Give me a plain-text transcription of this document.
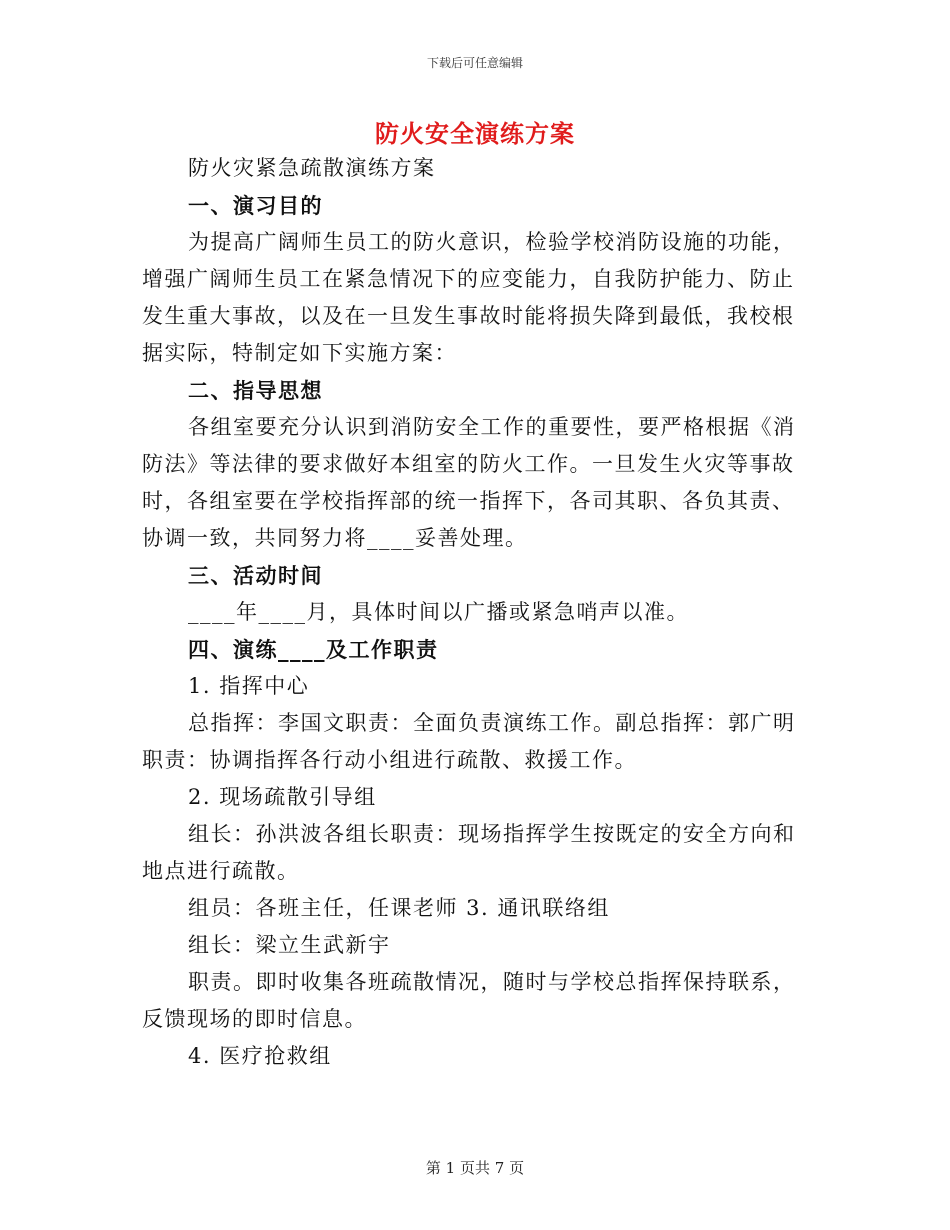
下载后可任意编辑
防火安全演练方案

防火灾紧急疏散演练方案

一、演习目的

为提高广阔师生员工的防火意识，检验学校消防设施的功能，增强广阔师生员工在紧急情况下的应变能力，自我防护能力、防止发生重大事故，以及在一旦发生事故时能将损失降到最低，我校根据实际，特制定如下实施方案：

二、指导思想

各组室要充分认识到消防安全工作的重要性，要严格根据《消防法》等法律的要求做好本组室的防火工作。一旦发生火灾等事故时，各组室要在学校指挥部的统一指挥下，各司其职、各负其责、协调一致，共同努力将____妥善处理。

三、活动时间

____年____月，具体时间以广播或紧急哨声以准。

四、演练____及工作职责

1. 指挥中心

总指挥：李国文职责：全面负责演练工作。副总指挥：郭广明职责：协调指挥各行动小组进行疏散、救援工作。

2. 现场疏散引导组

组长：孙洪波各组长职责：现场指挥学生按既定的安全方向和地点进行疏散。

组员：各班主任，任课老师 3. 通讯联络组

组长：梁立生武新宇

职责。即时收集各班疏散情况，随时与学校总指挥保持联系，反馈现场的即时信息。

4. 医疗抢救组

第 1 页共 7 页
